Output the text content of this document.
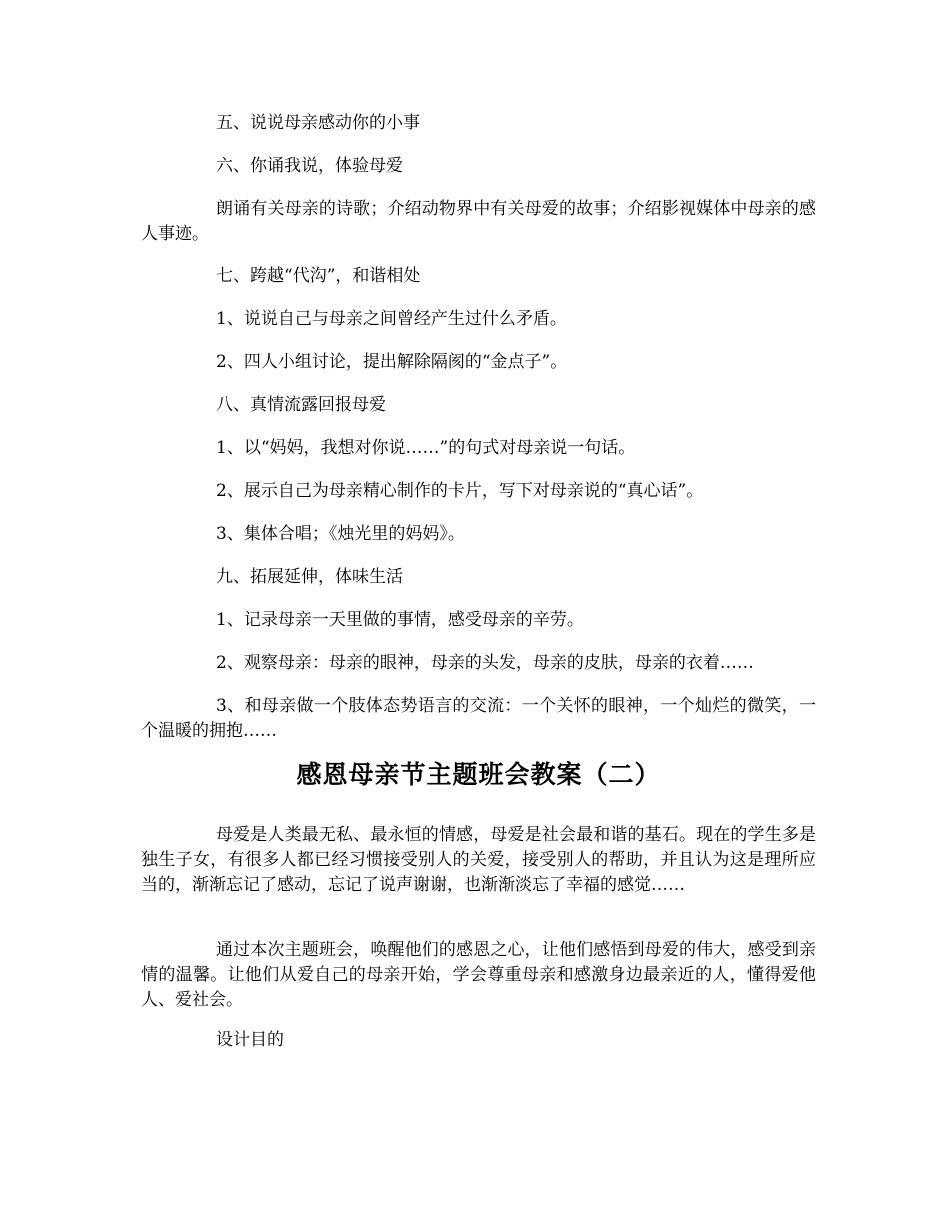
五、说说母亲感动你的小事

六、你诵我说，体验母爱

朗诵有关母亲的诗歌；介绍动物界中有关母爱的故事；介绍影视媒体中母亲的感人事迹。

七、跨越“代沟”，和谐相处

1、说说自己与母亲之间曾经产生过什么矛盾。

2、四人小组讨论，提出解除隔阂的“金点子”。

八、真情流露回报母爱

1、以“妈妈，我想对你说……”的句式对母亲说一句话。

2、展示自己为母亲精心制作的卡片，写下对母亲说的“真心话”。

3、集体合唱；《烛光里的妈妈》。

九、拓展延伸，体味生活

1、记录母亲一天里做的事情，感受母亲的辛劳。

2、观察母亲：母亲的眼神，母亲的头发，母亲的皮肤，母亲的衣着……

3、和母亲做一个肢体态势语言的交流：一个关怀的眼神，一个灿烂的微笑，一个温暖的拥抱……

感恩母亲节主题班会教案（二）

母爱是人类最无私、最永恒的情感，母爱是社会最和谐的基石。现在的学生多是独生子女，有很多人都已经习惯接受别人的关爱，接受别人的帮助，并且认为这是理所应当的，渐渐忘记了感动，忘记了说声谢谢，也渐渐淡忘了幸福的感觉……

通过本次主题班会，唤醒他们的感恩之心，让他们感悟到母爱的伟大，感受到亲情的温馨。让他们从爱自己的母亲开始，学会尊重母亲和感激身边最亲近的人，懂得爱他人、爱社会。

设计目的
